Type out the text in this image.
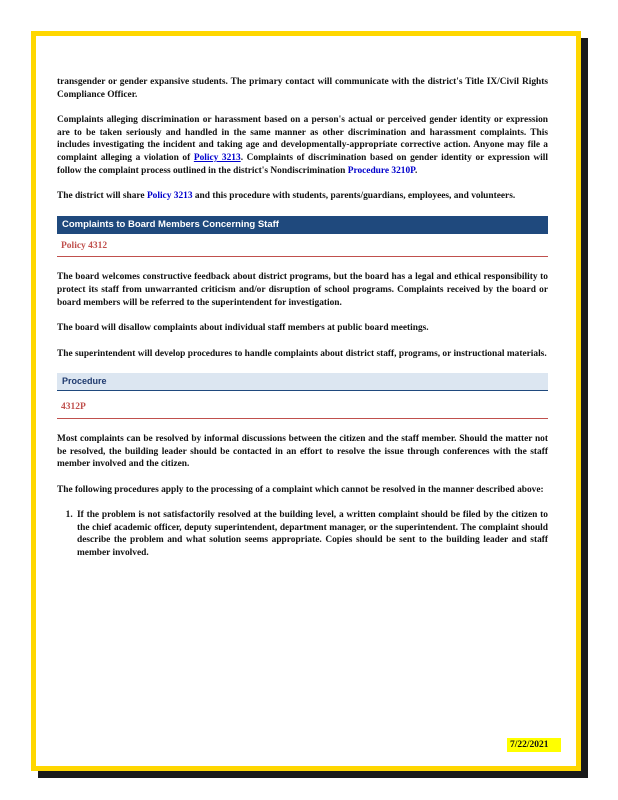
transgender or gender expansive students. The primary contact will communicate with the district's Title IX/Civil Rights Compliance Officer.

Complaints alleging discrimination or harassment based on a person's actual or perceived gender identity or expression are to be taken seriously and handled in the same manner as other discrimination and harassment complaints. This includes investigating the incident and taking age and developmentally-appropriate corrective action. Anyone may file a complaint alleging a violation of Policy 3213. Complaints of discrimination based on gender identity or expression will follow the complaint process outlined in the district's Nondiscrimination Procedure 3210P.

The district will share Policy 3213 and this procedure with students, parents/guardians, employees, and volunteers.

Complaints to Board Members Concerning Staff
Policy 4312

The board welcomes constructive feedback about district programs, but the board has a legal and ethical responsibility to protect its staff from unwarranted criticism and/or disruption of school programs. Complaints received by the board or board members will be referred to the superintendent for investigation.

The board will disallow complaints about individual staff members at public board meetings.

The superintendent will develop procedures to handle complaints about district staff, programs, or instructional materials.

Procedure
4312P

Most complaints can be resolved by informal discussions between the citizen and the staff member. Should the matter not be resolved, the building leader should be contacted in an effort to resolve the issue through conferences with the staff member involved and the citizen.

The following procedures apply to the processing of a complaint which cannot be resolved in the manner described above:

1. If the problem is not satisfactorily resolved at the building level, a written complaint should be filed by the citizen to the chief academic officer, deputy superintendent, department manager, or the superintendent. The complaint should describe the problem and what solution seems appropriate. Copies should be sent to the building leader and staff member involved.
7/22/2021
